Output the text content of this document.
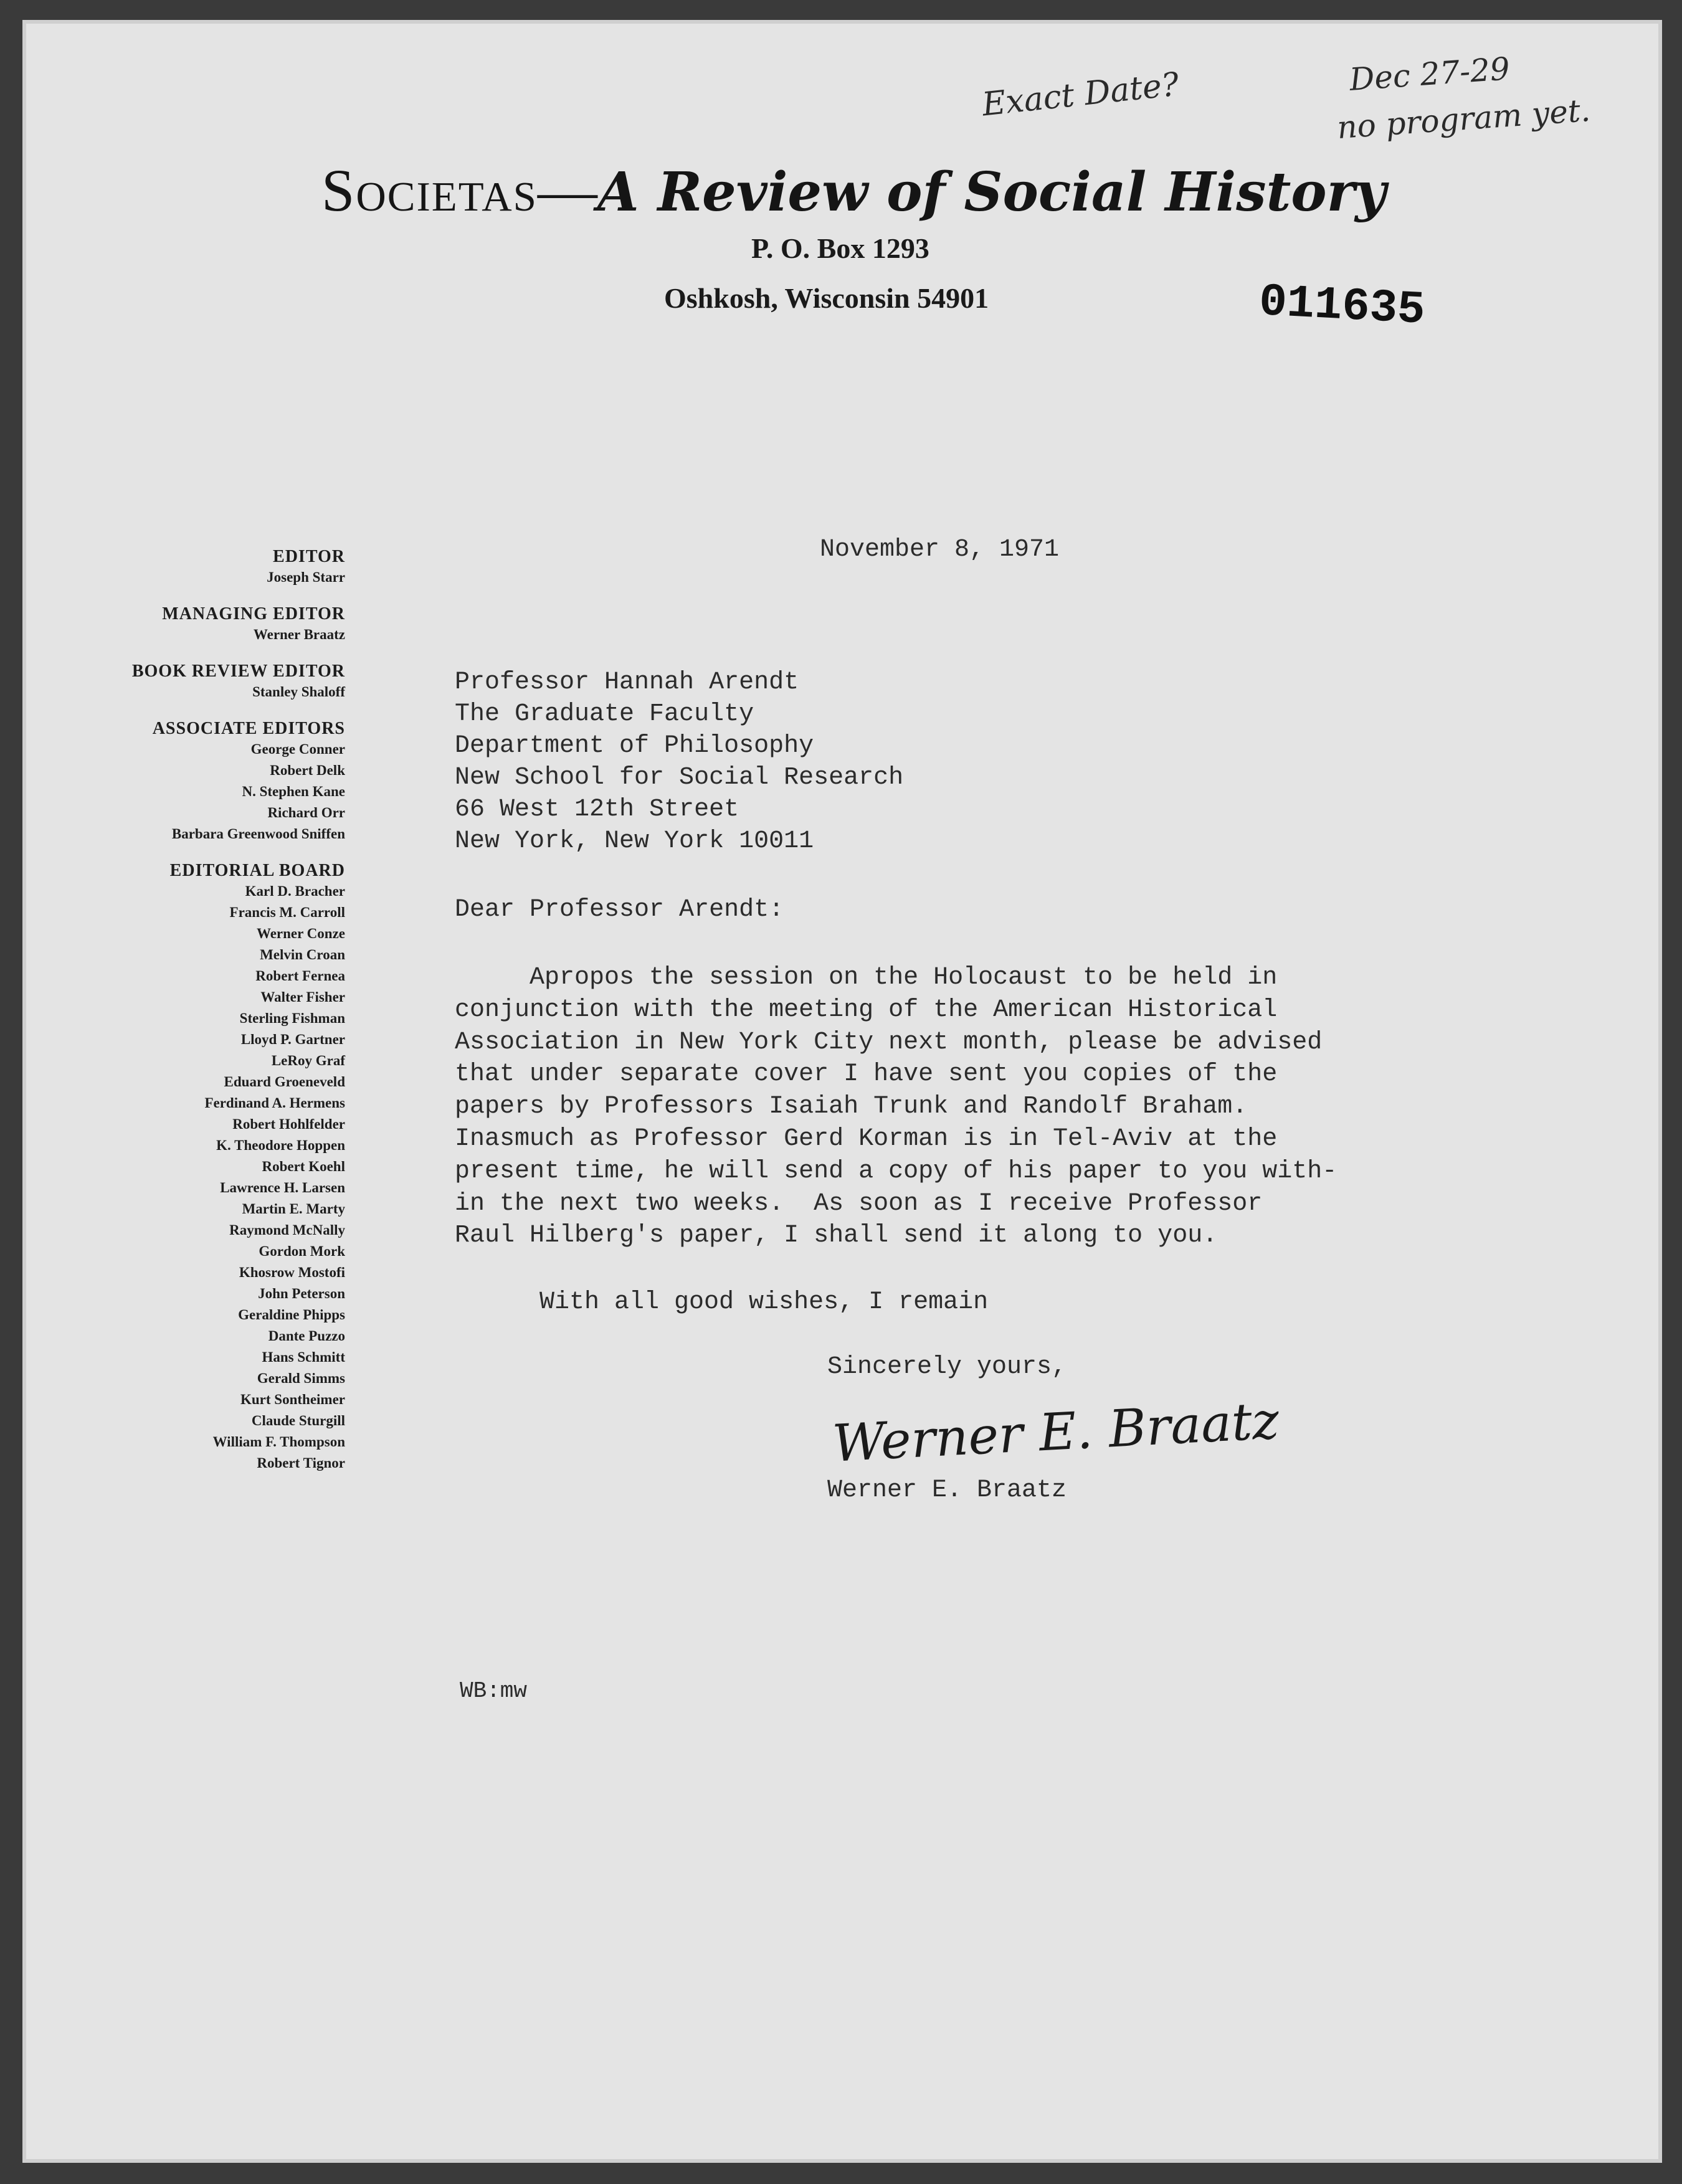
Exact Date?	Dec 27-29
no program yet.
Societas—A Review of Social History
P. O. Box 1293
Oshkosh, Wisconsin 54901	011635
EDITOR
Joseph Starr
MANAGING EDITOR
Werner Braatz
BOOK REVIEW EDITOR
Stanley Shaloff
ASSOCIATE EDITORS
George Conner
Robert Delk
N. Stephen Kane
Richard Orr
Barbara Greenwood Sniffen
EDITORIAL BOARD
Karl D. Bracher
Francis M. Carroll
Werner Conze
Melvin Croan
Robert Fernea
Walter Fisher
Sterling Fishman
Lloyd P. Gartner
LeRoy Graf
Eduard Groeneveld
Ferdinand A. Hermens
Robert Hohlfelder
K. Theodore Hoppen
Robert Koehl
Lawrence H. Larsen
Martin E. Marty
Raymond McNally
Gordon Mork
Khosrow Mostofi
John Peterson
Geraldine Phipps
Dante Puzzo
Hans Schmitt
Gerald Simms
Kurt Sontheimer
Claude Sturgill
William F. Thompson
Robert Tignor
November 8, 1971
Professor Hannah Arendt
The Graduate Faculty
Department of Philosophy
New School for Social Research
66 West 12th Street
New York, New York 10011
Dear Professor Arendt:
Apropos the session on the Holocaust to be held in
conjunction with the meeting of the American Historical
Association in New York City next month, please be advised
that under separate cover I have sent you copies of the
papers by Professors Isaiah Trunk and Randolf Braham.
Inasmuch as Professor Gerd Korman is in Tel-Aviv at the
present time, he will send a copy of his paper to you with-
in the next two weeks.  As soon as I receive Professor
Raul Hilberg's paper, I shall send it along to you.
With all good wishes, I remain
Sincerely yours,
Werner E. Braatz
Werner E. Braatz
WB:mw
